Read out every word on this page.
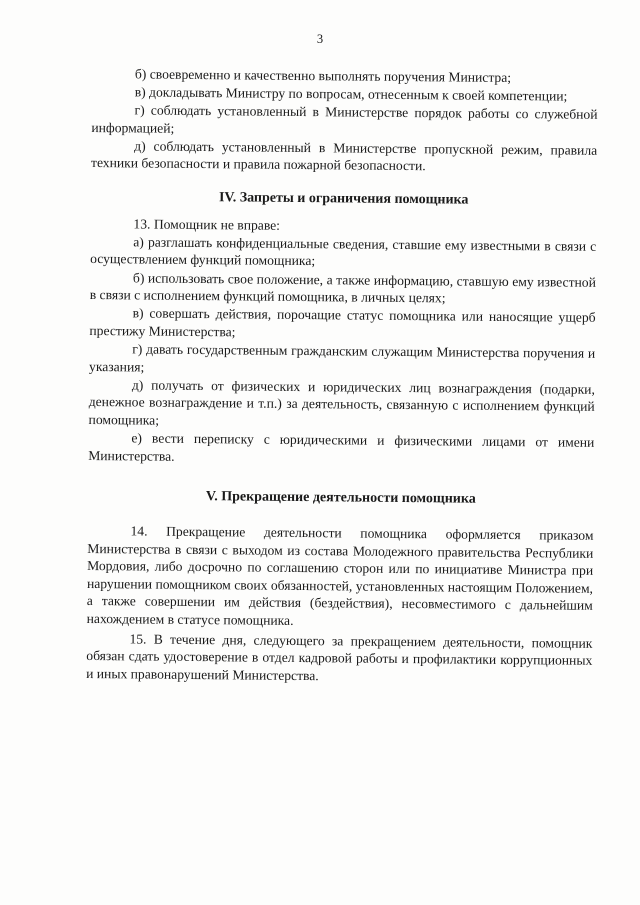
3

б) своевременно и качественно выполнять поручения Министра;

в) докладывать Министру по вопросам, отнесенным к своей компетенции;

г) соблюдать установленный в Министерстве порядок работы со служебной информацией;

д) соблюдать установленный в Министерстве пропускной режим, правила техники безопасности и правила пожарной безопасности.

IV. Запреты и ограничения помощника

13. Помощник не вправе:

а) разглашать конфиденциальные сведения, ставшие ему известными в связи с осуществлением функций помощника;

б) использовать свое положение, а также информацию, ставшую ему известной в связи с исполнением функций помощника, в личных целях;

в) совершать действия, порочащие статус помощника или наносящие ущерб престижу Министерства;

г) давать государственным гражданским служащим Министерства поручения и указания;

д) получать от физических и юридических лиц вознаграждения (подарки, денежное вознаграждение и т.п.) за деятельность, связанную с исполнением функций помощника;

е) вести переписку с юридическими и физическими лицами от имени Министерства.

V. Прекращение деятельности помощника

14. Прекращение деятельности помощника оформляется приказом Министерства в связи с выходом из состава Молодежного правительства Республики Мордовия, либо досрочно по соглашению сторон или по инициативе Министра при нарушении помощником своих обязанностей, установленных настоящим Положением, а также совершении им действия (бездействия), несовместимого с дальнейшим нахождением в статусе помощника.

15. В течение дня, следующего за прекращением деятельности, помощник обязан сдать удостоверение в отдел кадровой работы и профилактики коррупционных и иных правонарушений Министерства.
